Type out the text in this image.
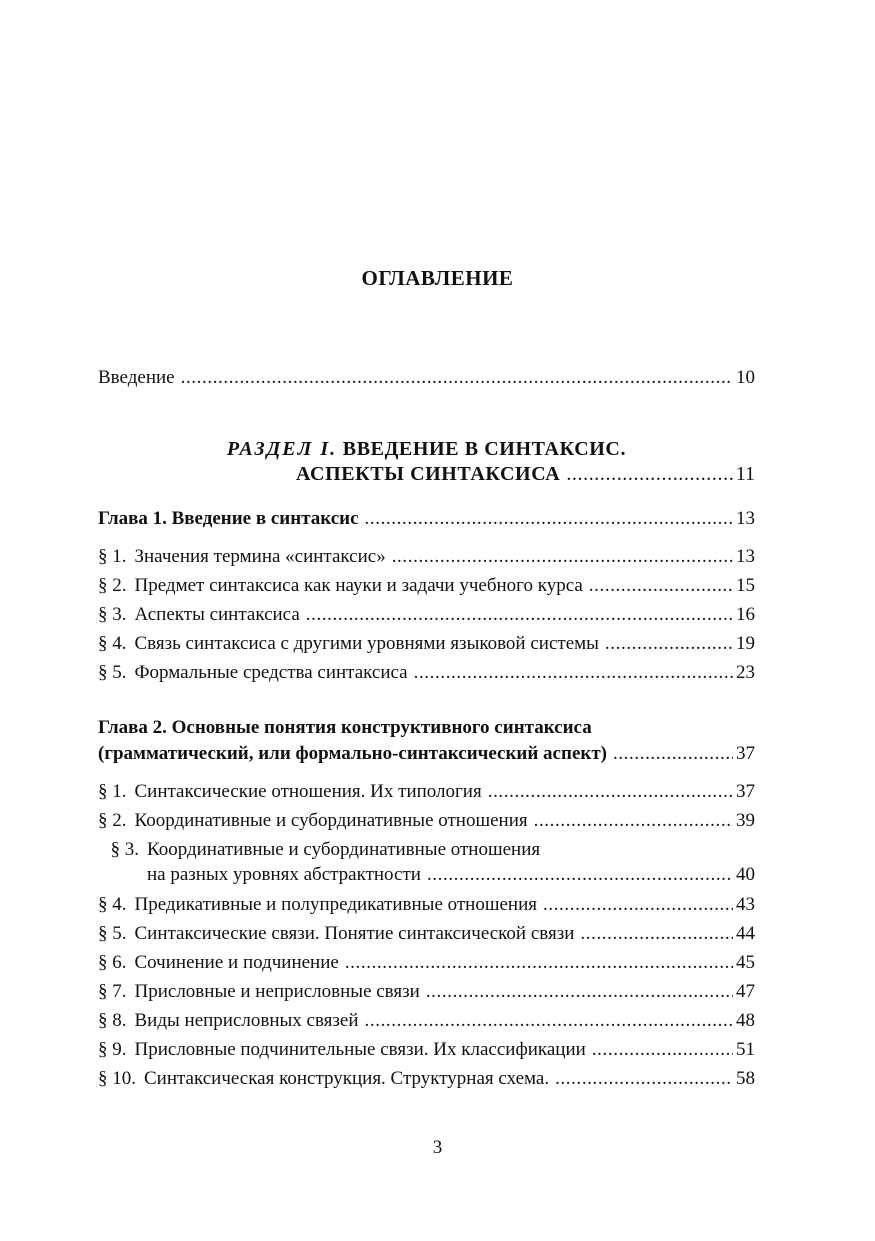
ОГЛАВЛЕНИЕ
Введение .....	10
РАЗДЕЛ I. ВВЕДЕНИЕ В СИНТАКСИС.
АСПЕКТЫ СИНТАКСИСА .....	11
Глава 1. Введение в синтаксис .....	13
§ 1. Значения термина «синтаксис» .....	13
§ 2. Предмет синтаксиса как науки и задачи учебного курса .....	15
§ 3. Аспекты синтаксиса .....	16
§ 4. Связь синтаксиса с другими уровнями языковой системы .....	19
§ 5. Формальные средства синтаксиса .....	23
Глава 2. Основные понятия конструктивного синтаксиса
(грамматический, или формально-синтаксический аспект) .....	37
§ 1. Синтаксические отношения. Их типология .....	37
§ 2. Координативные и субординативные отношения .....	39
§ 3. Координативные и субординативные отношения
на разных уровнях абстрактности .....	40
§ 4. Предикативные и полупредикативные отношения .....	43
§ 5. Синтаксические связи. Понятие синтаксической связи .....	44
§ 6. Сочинение и подчинение .....	45
§ 7. Присловные и неприсловные связи .....	47
§ 8. Виды неприсловных связей .....	48
§ 9. Присловные подчинительные связи. Их классификации .....	51
§ 10. Синтаксическая конструкция. Структурная схема. .....	58
3
